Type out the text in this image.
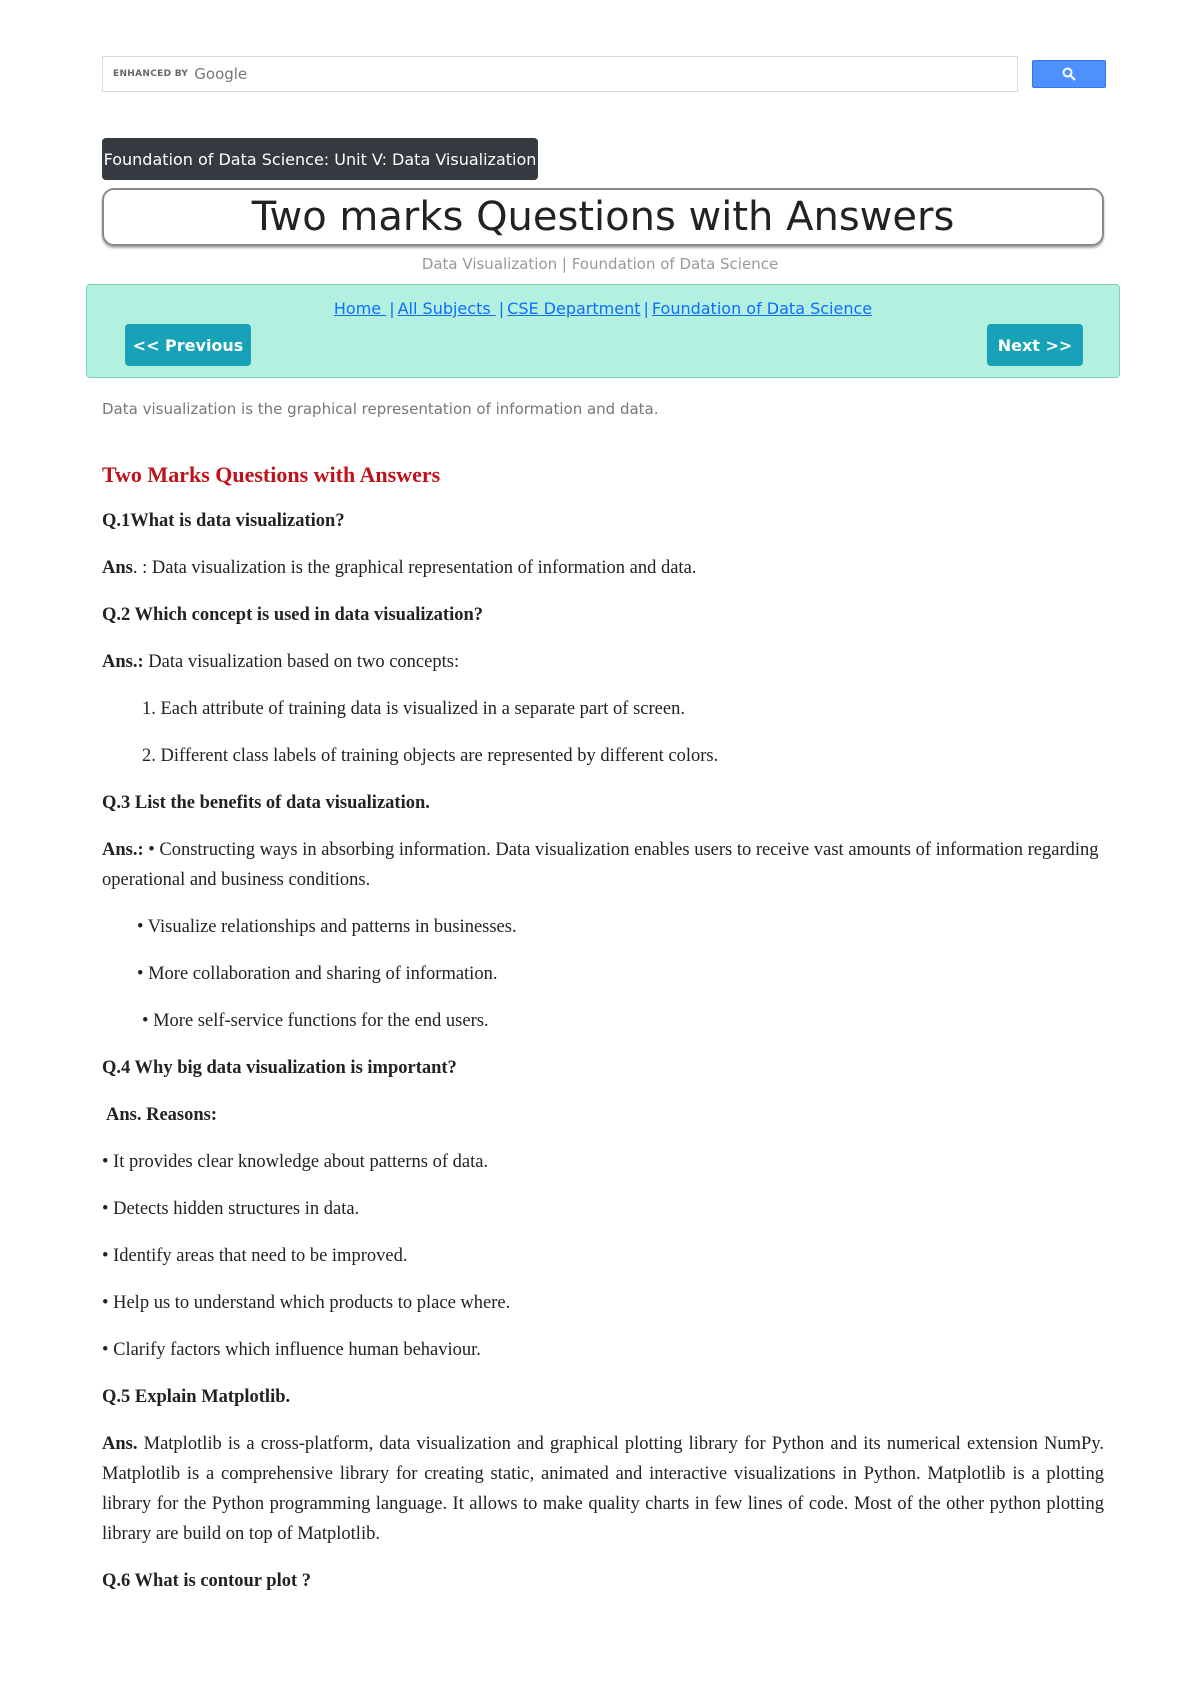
ENHANCED BY Google
Foundation of Data Science: Unit V: Data Visualization
Two marks Questions with Answers
Data Visualization | Foundation of Data Science
Home | All Subjects | CSE Department | Foundation of Data Science
<< Previous	Next >>
Data visualization is the graphical representation of information and data.
Two Marks Questions with Answers

Q.1What is data visualization?

Ans. : Data visualization is the graphical representation of information and data.

Q.2 Which concept is used in data visualization?

Ans.: Data visualization based on two concepts:

1. Each attribute of training data is visualized in a separate part of screen.

2. Different class labels of training objects are represented by different colors.

Q.3 List the benefits of data visualization.

Ans.: • Constructing ways in absorbing information. Data visualization enables users to receive vast amounts of information regarding operational and business conditions.

• Visualize relationships and patterns in businesses.

• More collaboration and sharing of information.

• More self-service functions for the end users.

Q.4 Why big data visualization is important?

Ans. Reasons:

• It provides clear knowledge about patterns of data.

• Detects hidden structures in data.

• Identify areas that need to be improved.

• Help us to understand which products to place where.

• Clarify factors which influence human behaviour.

Q.5 Explain Matplotlib.

Ans. Matplotlib is a cross-platform, data visualization and graphical plotting library for Python and its numerical extension NumPy. Matplotlib is a comprehensive library for creating static, animated and interactive visualizations in Python. Matplotlib is a plotting library for the Python programming language. It allows to make quality charts in few lines of code. Most of the other python plotting library are build on top of Matplotlib.

Q.6 What is contour plot ?
